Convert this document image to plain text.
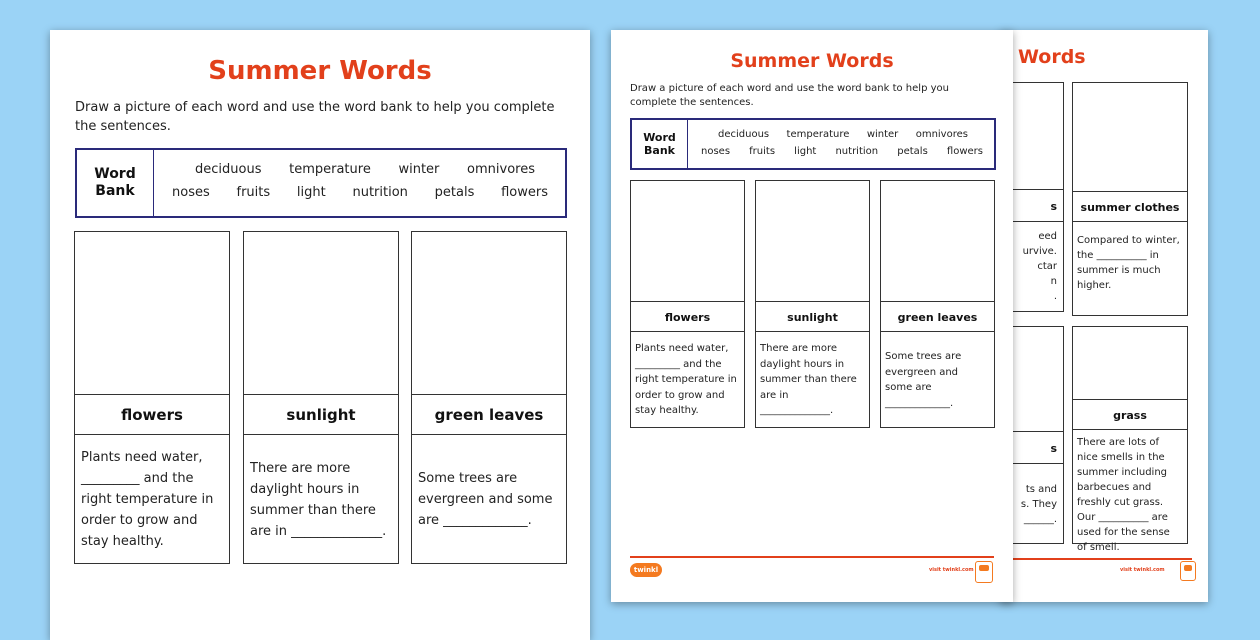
Words
s
eed
urvive.
ctar
n
.
s
ts and
s. They
______.
summer clothes
Compared to winter, the __________ in summer is much higher.
grass
There are lots of nice smells in the summer including barbecues and freshly cut grass. Our __________ are used for the sense of smell.
visit twinkl.com
Summer Words
Draw a picture of each word and use the word bank to help you complete the sentences.
Word
Bank
deciduous temperature winter omnivores
noses fruits light nutrition petals flowers
flowers
Plants need water, _________ and the right temperature in order to grow and stay healthy.
sunlight
There are more daylight hours in summer than there are in ______________.
green leaves
Some trees are evergreen and some are _____________.
twinkl	visit twinkl.com
Summer Words
Draw a picture of each word and use the word bank to help you complete the sentences.
Word
Bank
deciduous temperature winter omnivores
noses fruits light nutrition petals flowers
flowers
Plants need water, _________ and the right temperature in order to grow and stay healthy.
sunlight
There are more daylight hours in summer than there are in ______________.
green leaves
Some trees are evergreen and some are _____________.
